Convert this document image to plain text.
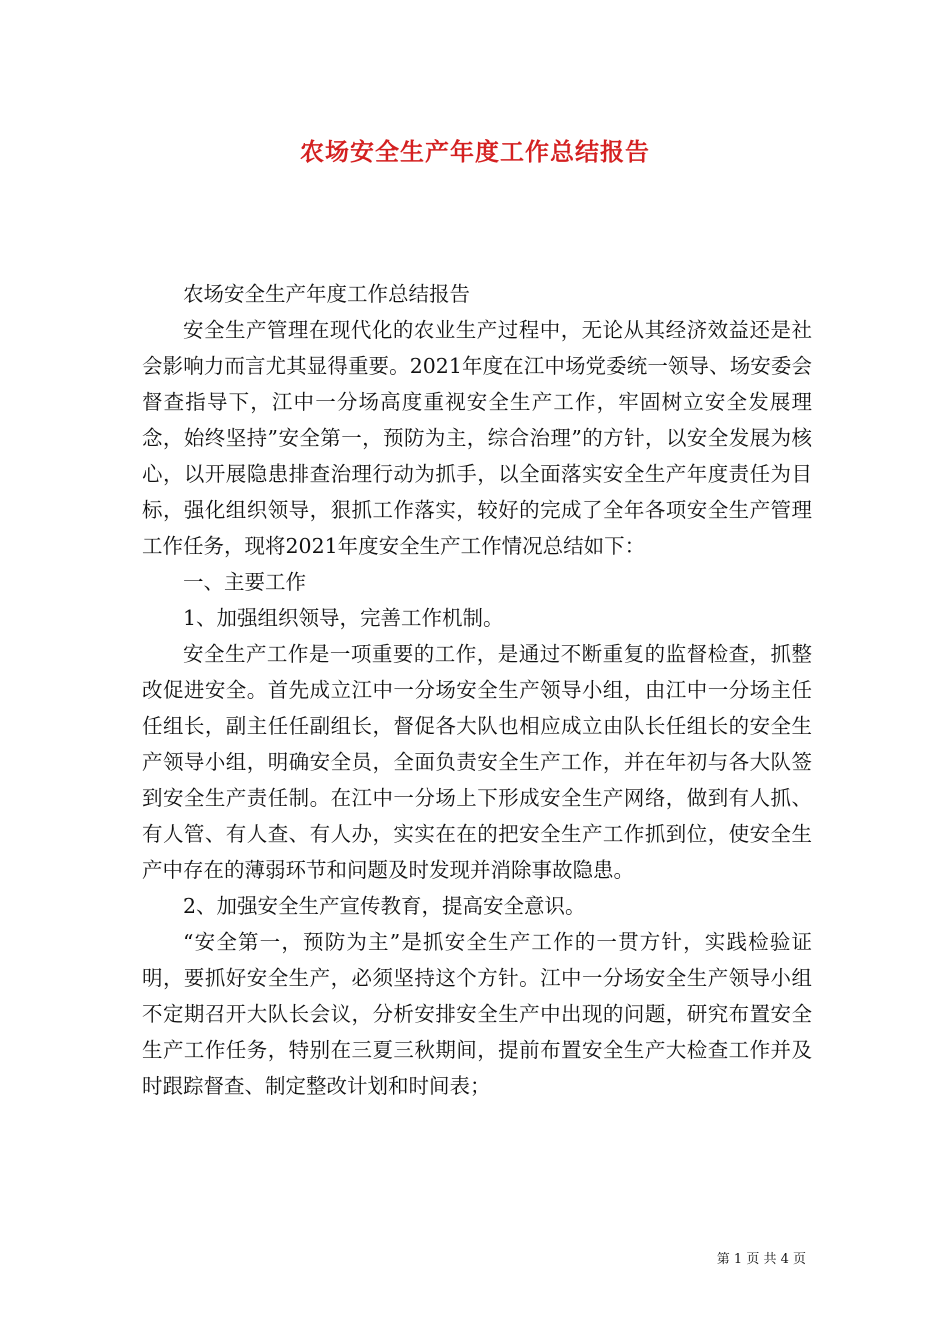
农场安全生产年度工作总结报告

农场安全生产年度工作总结报告

安全生产管理在现代化的农业生产过程中，无论从其经济效益还是社会影响力而言尤其显得重要。2021年度在江中场党委统一领导、场安委会督查指导下，江中一分场高度重视安全生产工作，牢固树立安全发展理念，始终坚持”安全第一，预防为主，综合治理”的方针，以安全发展为核心，以开展隐患排查治理行动为抓手，以全面落实安全生产年度责任为目标，强化组织领导，狠抓工作落实，较好的完成了全年各项安全生产管理工作任务，现将2021年度安全生产工作情况总结如下：

一、主要工作

1、加强组织领导，完善工作机制。

安全生产工作是一项重要的工作，是通过不断重复的监督检查，抓整改促进安全。首先成立江中一分场安全生产领导小组，由江中一分场主任任组长，副主任任副组长，督促各大队也相应成立由队长任组长的安全生产领导小组，明确安全员，全面负责安全生产工作，并在年初与各大队签到安全生产责任制。在江中一分场上下形成安全生产网络，做到有人抓、有人管、有人查、有人办，实实在在的把安全生产工作抓到位，使安全生产中存在的薄弱环节和问题及时发现并消除事故隐患。

2、加强安全生产宣传教育，提高安全意识。

“安全第一，预防为主”是抓安全生产工作的一贯方针，实践检验证明，要抓好安全生产，必须坚持这个方针。江中一分场安全生产领导小组不定期召开大队长会议，分析安排安全生产中出现的问题，研究布置安全生产工作任务，特别在三夏三秋期间，提前布置安全生产大检查工作并及时跟踪督查、制定整改计划和时间表；

第 1 页 共 4 页
